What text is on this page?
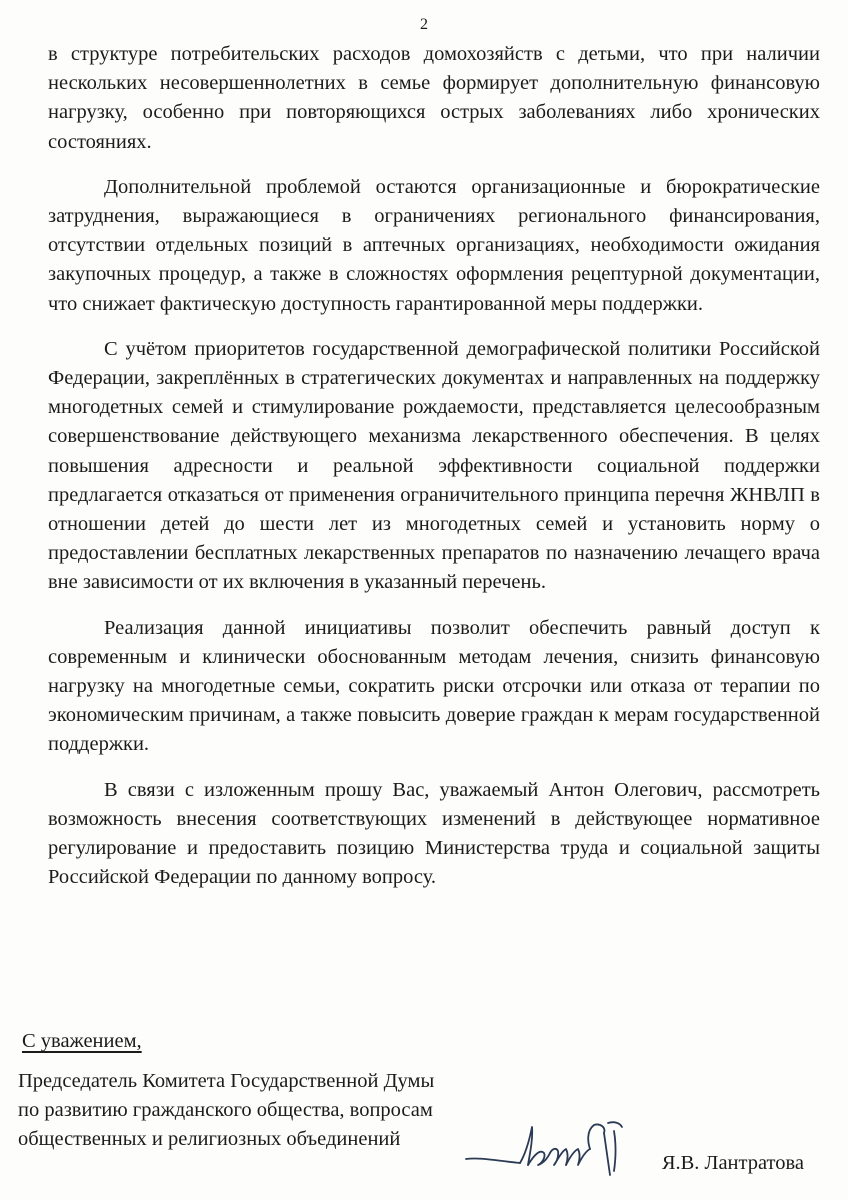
2

в структуре потребительских расходов домохозяйств с детьми, что при наличии нескольких несовершеннолетних в семье формирует дополнительную финансовую нагрузку, особенно при повторяющихся острых заболеваниях либо хронических состояниях.

Дополнительной проблемой остаются организационные и бюрократические затруднения, выражающиеся в ограничениях регионального финансирования, отсутствии отдельных позиций в аптечных организациях, необходимости ожидания закупочных процедур, а также в сложностях оформления рецептурной документации, что снижает фактическую доступность гарантированной меры поддержки.

С учётом приоритетов государственной демографической политики Российской Федерации, закреплённых в стратегических документах и направленных на поддержку многодетных семей и стимулирование рождаемости, представляется целесообразным совершенствование действующего механизма лекарственного обеспечения. В целях повышения адресности и реальной эффективности социальной поддержки предлагается отказаться от применения ограничительного принципа перечня ЖНВЛП в отношении детей до шести лет из многодетных семей и установить норму о предоставлении бесплатных лекарственных препаратов по назначению лечащего врача вне зависимости от их включения в указанный перечень.

Реализация данной инициативы позволит обеспечить равный доступ к современным и клинически обоснованным методам лечения, снизить финансовую нагрузку на многодетные семьи, сократить риски отсрочки или отказа от терапии по экономическим причинам, а также повысить доверие граждан к мерам государственной поддержки.

В связи с изложенным прошу Вас, уважаемый Антон Олегович, рассмотреть возможность внесения соответствующих изменений в действующее нормативное регулирование и предоставить позицию Министерства труда и социальной защиты Российской Федерации по данному вопросу.

С уважением,
Председатель Комитета Государственной Думы
по развитию гражданского общества, вопросам
общественных и религиозных объединений
Я.В. Лантратова
